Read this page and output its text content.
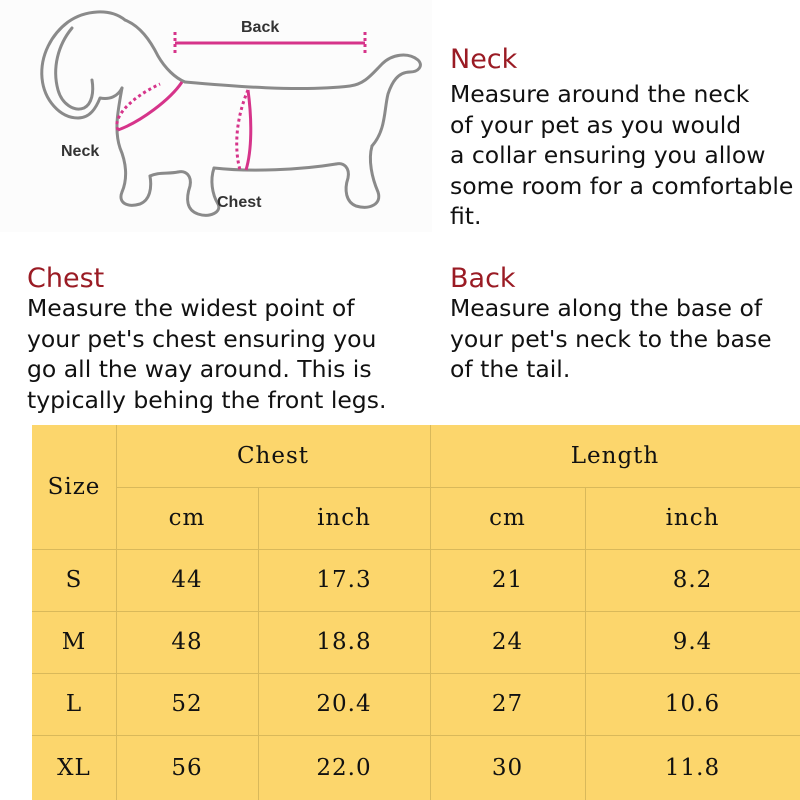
Back
Neck
Chest
Neck
Measure around the neck
of your pet as you would
a collar ensuring you allow
some room for a comfortable
fit.
Chest
Measure the widest point of
your pet's chest ensuring you
go all the way around. This is
typically behing the front legs.
Back
Measure along the base of
your pet's neck to the base
of the tail.
Size
Chest	Length
cm	inch	cm	inch
S	44	17.3	21	8.2
M	48	18.8	24	9.4
L	52	20.4	27	10.6
XL	56	22.0	30	11.8
